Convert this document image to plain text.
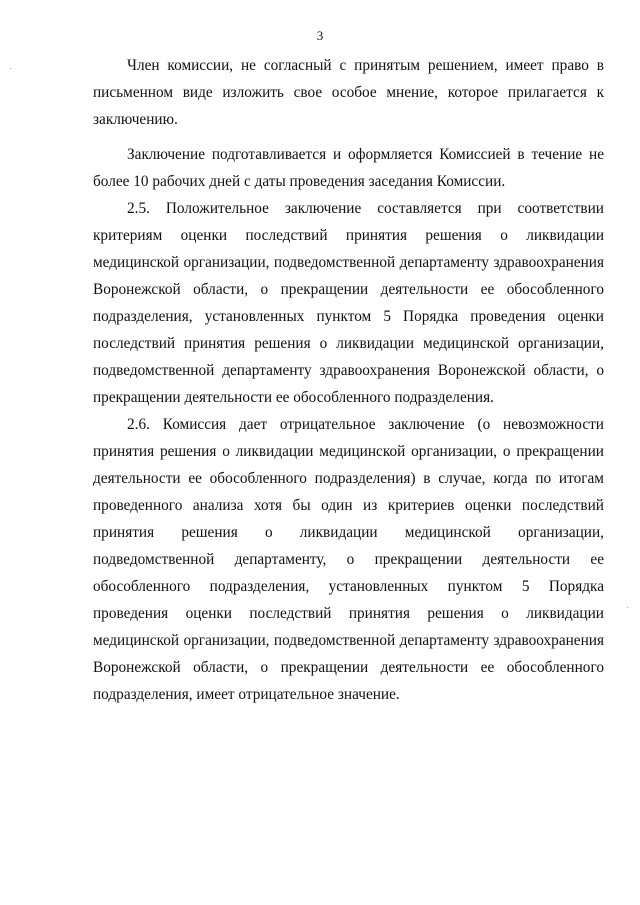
3

Член комиссии, не согласный с принятым решением, имеет право в письменном виде изложить свое особое мнение, которое прилагается к заключению.

Заключение подготавливается и оформляется Комиссией в течение не более 10 рабочих дней с даты проведения заседания Комиссии.

2.5. Положительное заключение составляется при соответствии критериям оценки последствий принятия решения о ликвидации медицинской организации, подведомственной департаменту здравоохранения Воронежской области, о прекращении деятельности ее обособленного подразделения, установленных пунктом 5 Порядка проведения оценки последствий принятия решения о ликвидации медицинской организации, подведомственной департаменту здравоохранения Воронежской области, о прекращении деятельности ее обособленного подразделения.

2.6. Комиссия дает отрицательное заключение (о невозможности принятия решения о ликвидации медицинской организации, о прекращении деятельности ее обособленного подразделения) в случае, когда по итогам проведенного анализа хотя бы один из критериев оценки последствий принятия решения о ликвидации медицинской организации, подведомственной департаменту, о прекращении деятельности ее обособленного подразделения, установленных пунктом 5 Порядка проведения оценки последствий принятия решения о ликвидации медицинской организации, подведомственной департаменту здравоохранения Воронежской области, о прекращении деятельности ее обособленного подразделения, имеет отрицательное значение.
